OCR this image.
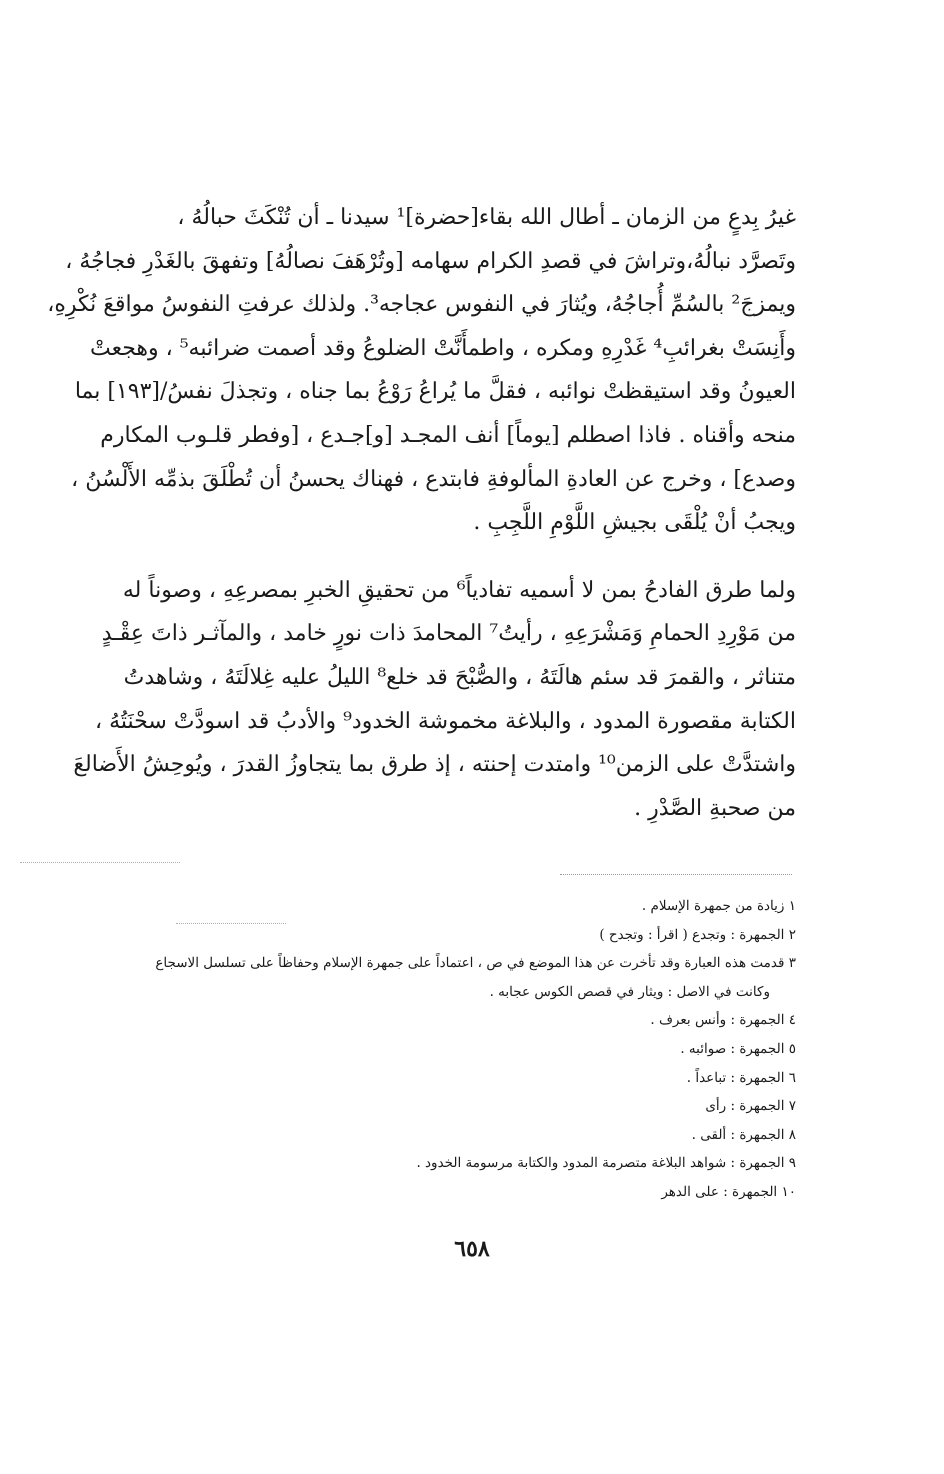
غيرُ بِدعٍ من الزمان ـ أطال الله بقاء[حضرة]¹ سيدنا ـ أن تُنْكَثَ حبالُهُ ،
وتَصرَّد نبالُهُ،وتراشَ في قصدِ الكرام سهامه [وتُرْهَفَ نصالُهُ] وتفهقَ بالغَدْرِ فجاجُهُ ،
ويمزجَ² بالسُمِّ أُجاجُهُ، ويُثارَ في النفوس عجاجه³. ولذلك عرفتِ النفوسُ مواقعَ نُكْرِهِ،
وأَنِسَتْ بغرائبِ⁴ غَدْرِهِ ومكره ، واطمأَنَّتْ الضلوعُ وقد أصمت ضرائبه⁵ ، وهجعتْ
العيونُ وقد استيقظتْ نوائبه ، فقلَّ ما يُراعُ رَوْعُ بما جناه ، وتجذلَ نفسُ/[١٩٣] بما
منحه وأقناه . فاذا اصطلم [يوماً] أنف المجـد [و]جـدع ، [وفطر قلـوب المكارم
وصدع] ، وخرج عن العادةِ المألوفةِ فابتدع ، فهناك يحسنُ أن تُطْلَقَ بذمِّه الأَلْسُنُ ،
ويجبُ أنْ يُلْقَى بجيشِ اللَّوْمِ اللَّجِبِ .
ولما طرق الفادحُ بمن لا أسميه تفادياً⁶ من تحقيقِ الخبرِ بمصرعِهِ ، وصوناً له
من مَوْرِدِ الحمامِ وَمَشْرَعِهِ ، رأيتُ⁷ المحامدَ ذات نورٍ خامد ، والمآثـر ذاتَ عِقْـدٍ
متناثر ، والقمرَ قد سئم هالَتَهُ ، والصُّبْحَ قد خلع⁸ الليلُ عليه غِلالَتَهُ ، وشاهدتُ
الكتابة مقصورة المدود ، والبلاغة مخموشة الخدود⁹ والأدبُ قد اسودَّتْ سحْنَتُهُ ،
واشتدَّتْ على الزمن¹⁰ وامتدت إحنته ، إذ طرق بما يتجاوزُ القدرَ ، ويُوحِشُ الأَضالعَ
من صحبةِ الصَّدْرِ .
١ زيادة من جمهرة الإسلام .
٢ الجمهرة : وتجدع ( اقرأ : وتجدح )
٣ قدمت هذه العبارة وقد تأخرت عن هذا الموضع في ص ، اعتماداً على جمهرة الإسلام وحفاظاً على تسلسل الاسجاع
وكانت في الاصل : ويثار في قصص الكوس عجابه .
٤ الجمهرة : وأنس بعرف .
٥ الجمهرة : صوائبه .
٦ الجمهرة : تباعداً .
٧ الجمهرة : رأى
٨ الجمهرة : ألقى .
٩ الجمهرة : شواهد البلاغة متصرمة المدود والكتابة مرسومة الخدود .
١٠ الجمهرة : على الدهر
٦٥٨
